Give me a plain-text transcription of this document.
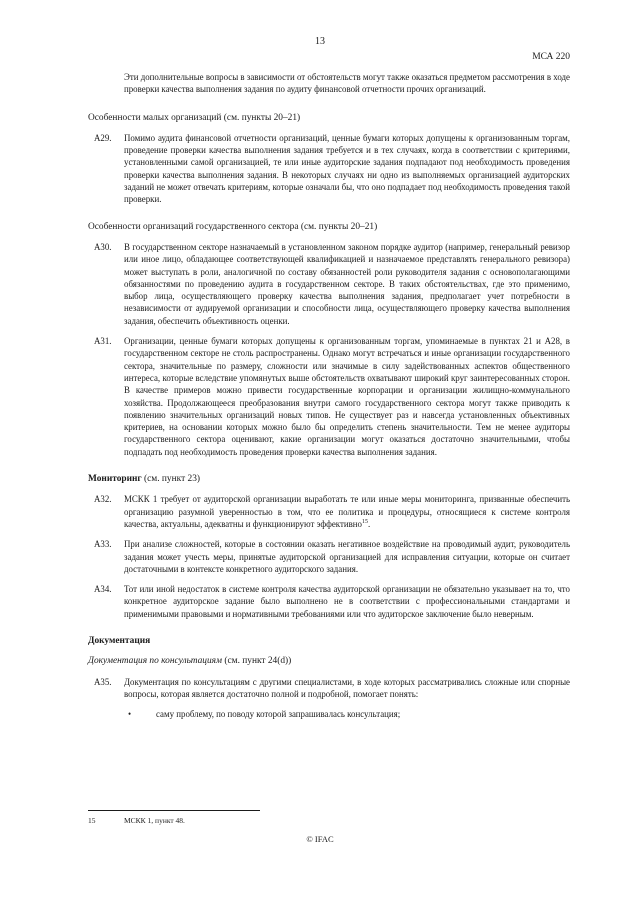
13
МСА 220

Эти дополнительные вопросы в зависимости от обстоятельств могут также оказаться предметом рассмотрения в ходе проверки качества выполнения задания по аудиту финансовой отчетности прочих организаций.

Особенности малых организаций (см. пункты 20–21)

A29.	Помимо аудита финансовой отчетности организаций, ценные бумаги которых допущены к организованным торгам, проведение проверки качества выполнения задания требуется и в тех случаях, когда в соответствии с критериями, установленными самой организацией, те или иные аудиторские задания подпадают под необходимость проведения проверки качества выполнения задания. В некоторых случаях ни одно из выполняемых организацией аудиторских заданий не может отвечать критериям, которые означали бы, что оно подпадает под необходимость проведения такой проверки.

Особенности организаций государственного сектора (см. пункты 20–21)

A30.	В государственном секторе назначаемый в установленном законом порядке аудитор (например, генеральный ревизор или иное лицо, обладающее соответствующей квалификацией и назначаемое представлять генерального ревизора) может выступать в роли, аналогичной по составу обязанностей роли руководителя задания с основополагающими обязанностями по проведению аудита в государственном секторе. В таких обстоятельствах, где это применимо, выбор лица, осуществляющего проверку качества выполнения задания, предполагает учет потребности в независимости от аудируемой организации и способности лица, осуществляющего проверку качества выполнения задания, обеспечить объективность оценки.
A31.	Организации, ценные бумаги которых допущены к организованным торгам, упоминаемые в пунктах 21 и A28, в государственном секторе не столь распространены. Однако могут встречаться и иные организации государственного сектора, значительные по размеру, сложности или значимые в силу задействованных аспектов общественного интереса, которые вследствие упомянутых выше обстоятельств охватывают широкий круг заинтересованных сторон. В качестве примеров можно привести государственные корпорации и организации жилищно-коммунального хозяйства. Продолжающееся преобразования внутри самого государственного сектора могут также приводить к появлению значительных организаций новых типов. Не существует раз и навсегда установленных объективных критериев, на основании которых можно было бы определить степень значительности. Тем не менее аудиторы государственного сектора оценивают, какие организации могут оказаться достаточно значительными, чтобы подпадать под необходимость проведения проверки качества выполнения задания.

Мониторинг (см. пункт 23)

A32.	МСКК 1 требует от аудиторской организации выработать те или иные меры мониторинга, призванные обеспечить организацию разумной уверенностью в том, что ее политика и процедуры, относящиеся к системе контроля качества, актуальны, адекватны и функционируют эффективно$^{15}$.
A33.	При анализе сложностей, которые в состоянии оказать негативное воздействие на проводимый аудит, руководитель задания может учесть меры, принятые аудиторской организацией для исправления ситуации, которые он считает достаточными в контексте конкретного аудиторского задания.
A34.	Тот или иной недостаток в системе контроля качества аудиторской организации не обязательно указывает на то, что конкретное аудиторское задание было выполнено не в соответствии с профессиональными стандартами и применимыми правовыми и нормативными требованиями или что аудиторское заключение было неверным.

Документация

Документация по консультациям (см. пункт 24(d))

A35.	Документация по консультациям с другими специалистами, в ходе которых рассматривались сложные или спорные вопросы, которая является достаточно полной и подробной, помогает понять:
•	саму проблему, по поводу которой запрашивалась консультация;
15	МСКК 1, пункт 48.
© IFAC
